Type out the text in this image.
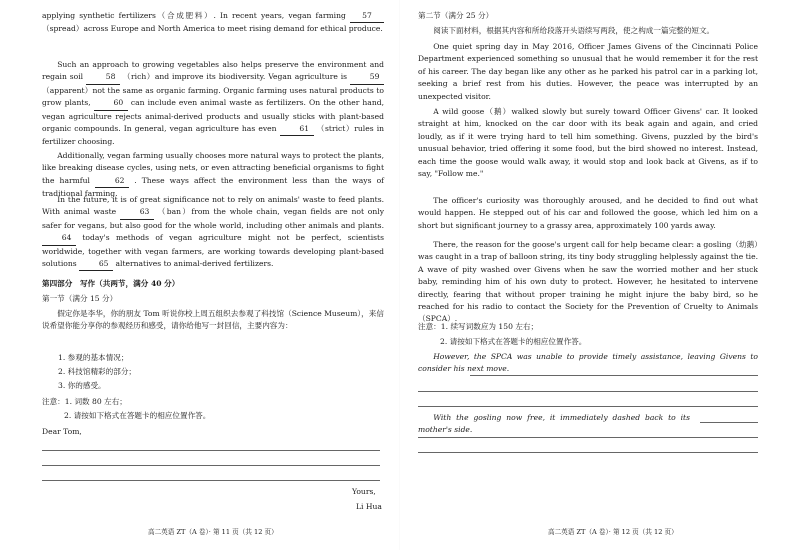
applying synthetic fertilizers（合成肥料）. In recent years, vegan farming 57 （spread）across Europe and North America to meet rising demand for ethical produce.

Such an approach to growing vegetables also helps preserve the environment and regain soil	58 （rich）and improve its biodiversity. Vegan agriculture is	59 （apparent）not the same as organic farming. Organic farming uses natural products to grow plants,	60 can include even animal waste as fertilizers. On the other hand, vegan agriculture rejects animal-derived products and usually sticks with plant-based organic compounds. In general, vegan agriculture has even	61 （strict）rules in fertilizer choosing.

Additionally, vegan farming usually chooses more natural ways to protect the plants, like breaking disease cycles, using nets, or even attracting beneficial organisms to fight the harmful	62 . These ways affect the environment less than the ways of traditional farming.

In the future, it is of great significance not to rely on animals' waste to feed plants. With animal waste	63 （ban）from the whole chain, vegan fields are not only safer for vegans, but also good for the whole world, including other animals and plants. 64 today's methods of vegan agriculture might not be perfect, scientists worldwide, together with vegan farmers, are working towards developing plant-based solutions	65 alternatives to animal-derived fertilizers.

第四部分　写作（共两节，满分 40 分）
第一节（满分 15 分）

假定你是李华，你的朋友 Tom 听说你校上周五组织去参观了科技馆（Science Museum），来信说希望你能分享你的参观经历和感受，请你给他写一封回信，主要内容为：

1. 参观的基本情况；
2. 科技馆精彩的部分；
3. 你的感受。
注意：1. 词数 80 左右；
2. 请按如下格式在答题卡的相应位置作答。
Dear Tom,
Yours,
Li Hua
高二英语 ZT（A 卷）· 第 11 页（共 12 页）
第二节（满分 25 分）

阅读下面材料，根据其内容和所给段落开头语续写两段，使之构成一篇完整的短文。

One quiet spring day in May 2016, Officer James Givens of the Cincinnati Police Department experienced something so unusual that he would remember it for the rest of his career. The day began like any other as he parked his patrol car in a parking lot, seeking a brief rest from his duties. However, the peace was interrupted by an unexpected visitor.

A wild goose（鹅）walked slowly but surely toward Officer Givens' car. It looked straight at him, knocked on the car door with its beak again and again, and cried loudly, as if it were trying hard to tell him something. Givens, puzzled by the bird's unusual behavior, tried offering it some food, but the bird showed no interest. Instead, each time the goose would walk away, it would stop and look back at Givens, as if to say, "Follow me."

The officer's curiosity was thoroughly aroused, and he decided to find out what would happen. He stepped out of his car and followed the goose, which led him on a short but significant journey to a grassy area, approximately 100 yards away.

There, the reason for the goose's urgent call for help became clear: a gosling（幼鹅）was caught in a trap of balloon string, its tiny body struggling helplessly against the tie. A wave of pity washed over Givens when he saw the worried mother and her stuck baby, reminding him of his own duty to protect. However, he hesitated to intervene directly, fearing that without proper training he might injure the baby bird, so he reached for his radio to contact the Society for the Prevention of Cruelty to Animals（SPCA）.

注意：1. 续写词数应为 150 左右；
2. 请按如下格式在答题卡的相应位置作答。

However, the SPCA was unable to provide timely assistance, leaving Givens to consider his next move.

With the gosling now free, it immediately dashed back to its mother's side.

高二英语 ZT（A 卷）· 第 12 页（共 12 页）
